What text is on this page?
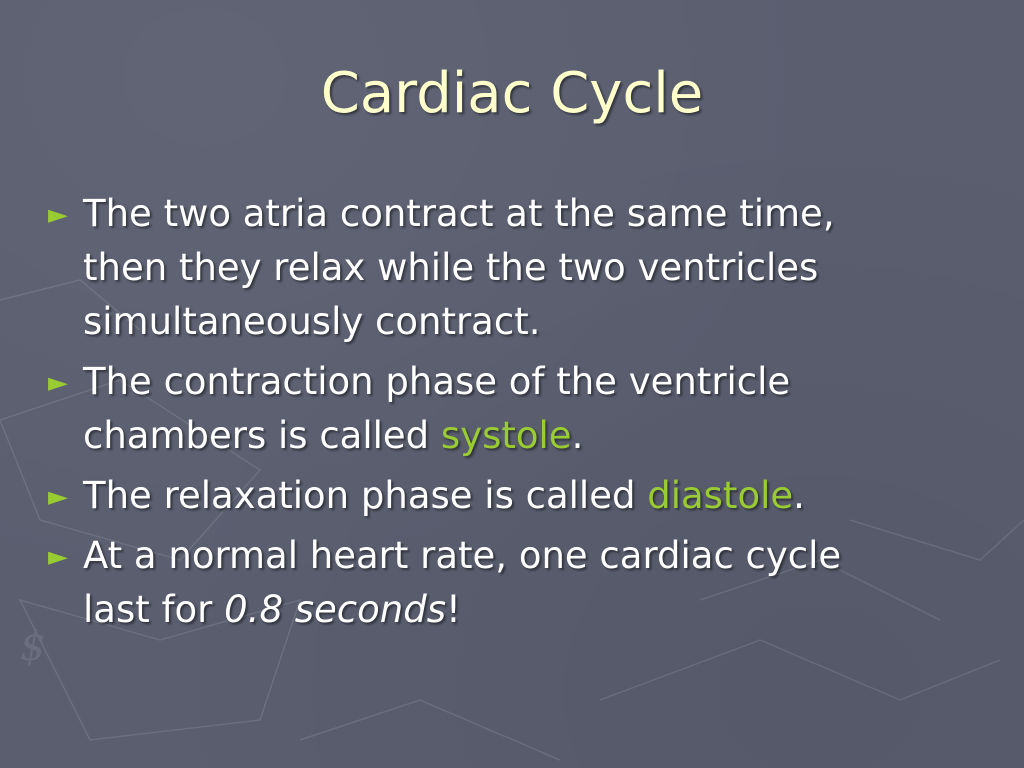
$
Cardiac Cycle
► The two atria contract at the same time,
then they relax while the two ventricles
simultaneously contract.
► The contraction phase of the ventricle
chambers is called systole.
► The relaxation phase is called diastole.
► At a normal heart rate, one cardiac cycle
last for 0.8 seconds!
